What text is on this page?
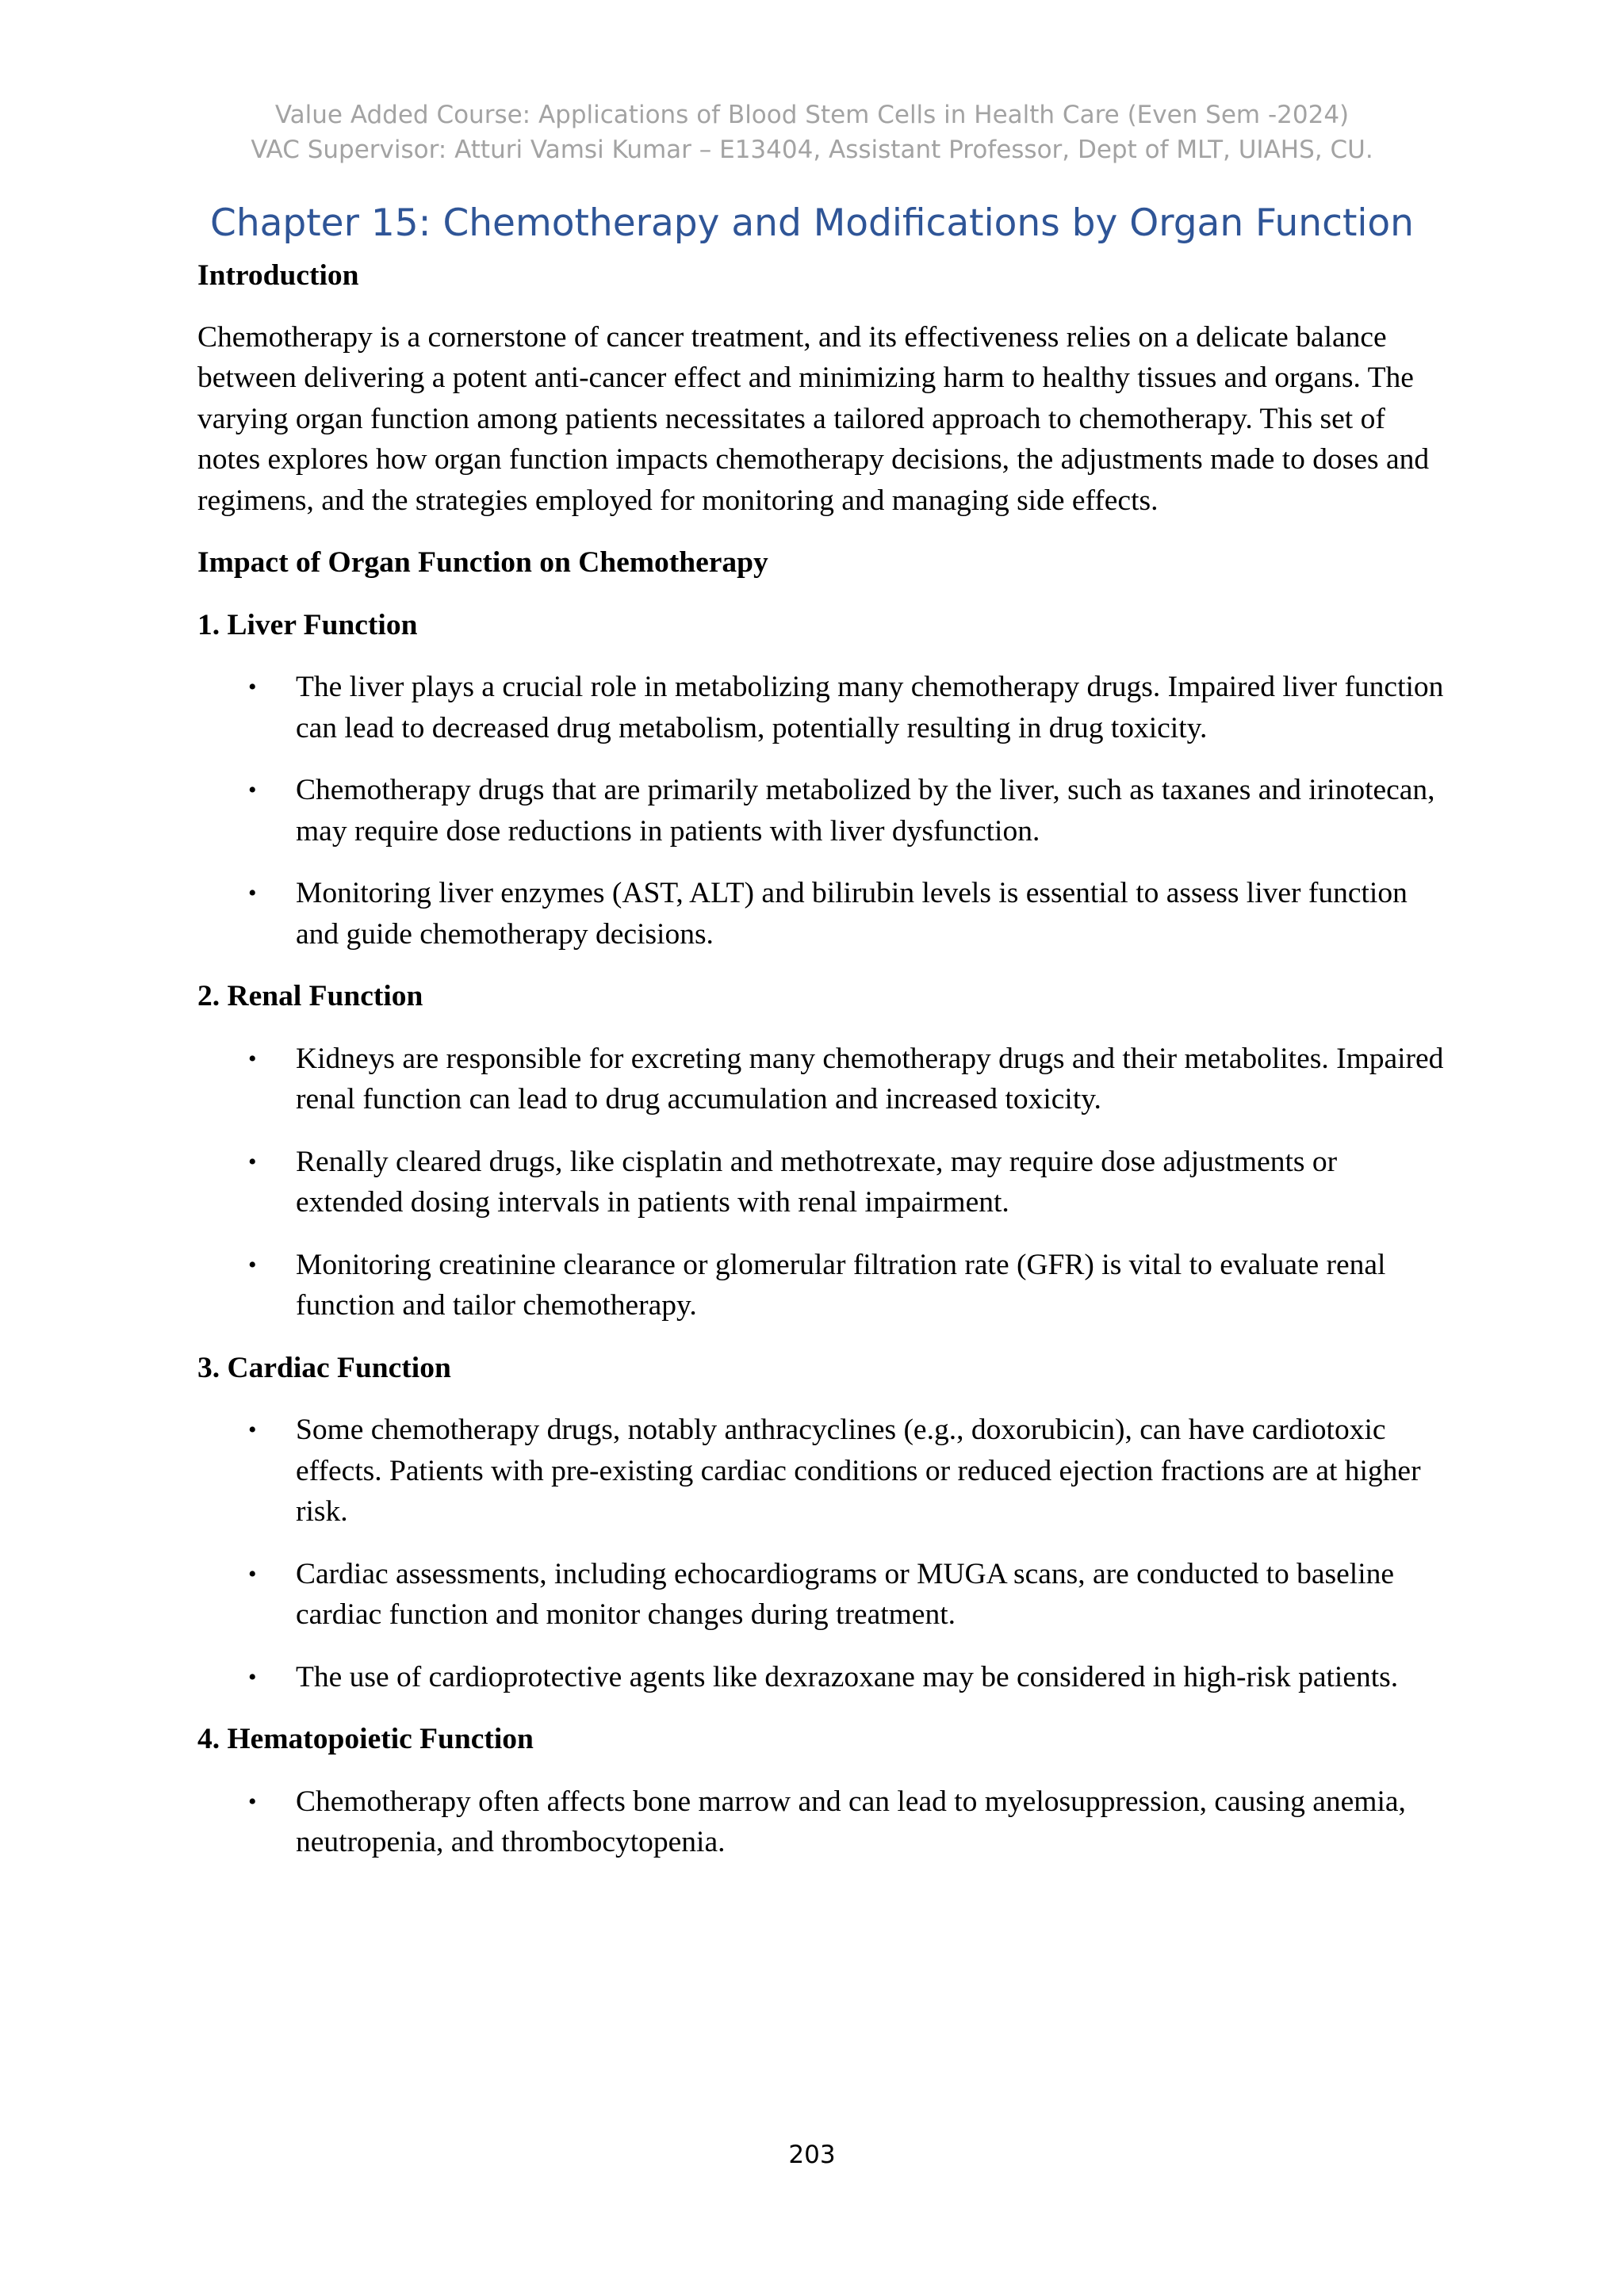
Value Added Course: Applications of Blood Stem Cells in Health Care (Even Sem -2024)
VAC Supervisor: Atturi Vamsi Kumar – E13404, Assistant Professor, Dept of MLT, UIAHS, CU.
Chapter 15: Chemotherapy and Modifications by Organ Function

Introduction

Chemotherapy is a cornerstone of cancer treatment, and its effectiveness relies on a delicate balance between delivering a potent anti-cancer effect and minimizing harm to healthy tissues and organs. The varying organ function among patients necessitates a tailored approach to chemotherapy. This set of notes explores how organ function impacts chemotherapy decisions, the adjustments made to doses and regimens, and the strategies employed for monitoring and managing side effects.

Impact of Organ Function on Chemotherapy

1. Liver Function

• The liver plays a crucial role in metabolizing many chemotherapy drugs. Impaired liver function can lead to decreased drug metabolism, potentially resulting in drug toxicity.
• Chemotherapy drugs that are primarily metabolized by the liver, such as taxanes and irinotecan, may require dose reductions in patients with liver dysfunction.
• Monitoring liver enzymes (AST, ALT) and bilirubin levels is essential to assess liver function and guide chemotherapy decisions.

2. Renal Function

• Kidneys are responsible for excreting many chemotherapy drugs and their metabolites. Impaired renal function can lead to drug accumulation and increased toxicity.
• Renally cleared drugs, like cisplatin and methotrexate, may require dose adjustments or extended dosing intervals in patients with renal impairment.
• Monitoring creatinine clearance or glomerular filtration rate (GFR) is vital to evaluate renal function and tailor chemotherapy.

3. Cardiac Function

• Some chemotherapy drugs, notably anthracyclines (e.g., doxorubicin), can have cardiotoxic effects. Patients with pre-existing cardiac conditions or reduced ejection fractions are at higher risk.
• Cardiac assessments, including echocardiograms or MUGA scans, are conducted to baseline cardiac function and monitor changes during treatment.
• The use of cardioprotective agents like dexrazoxane may be considered in high-risk patients.

4. Hematopoietic Function

• Chemotherapy often affects bone marrow and can lead to myelosuppression, causing anemia, neutropenia, and thrombocytopenia.
203
